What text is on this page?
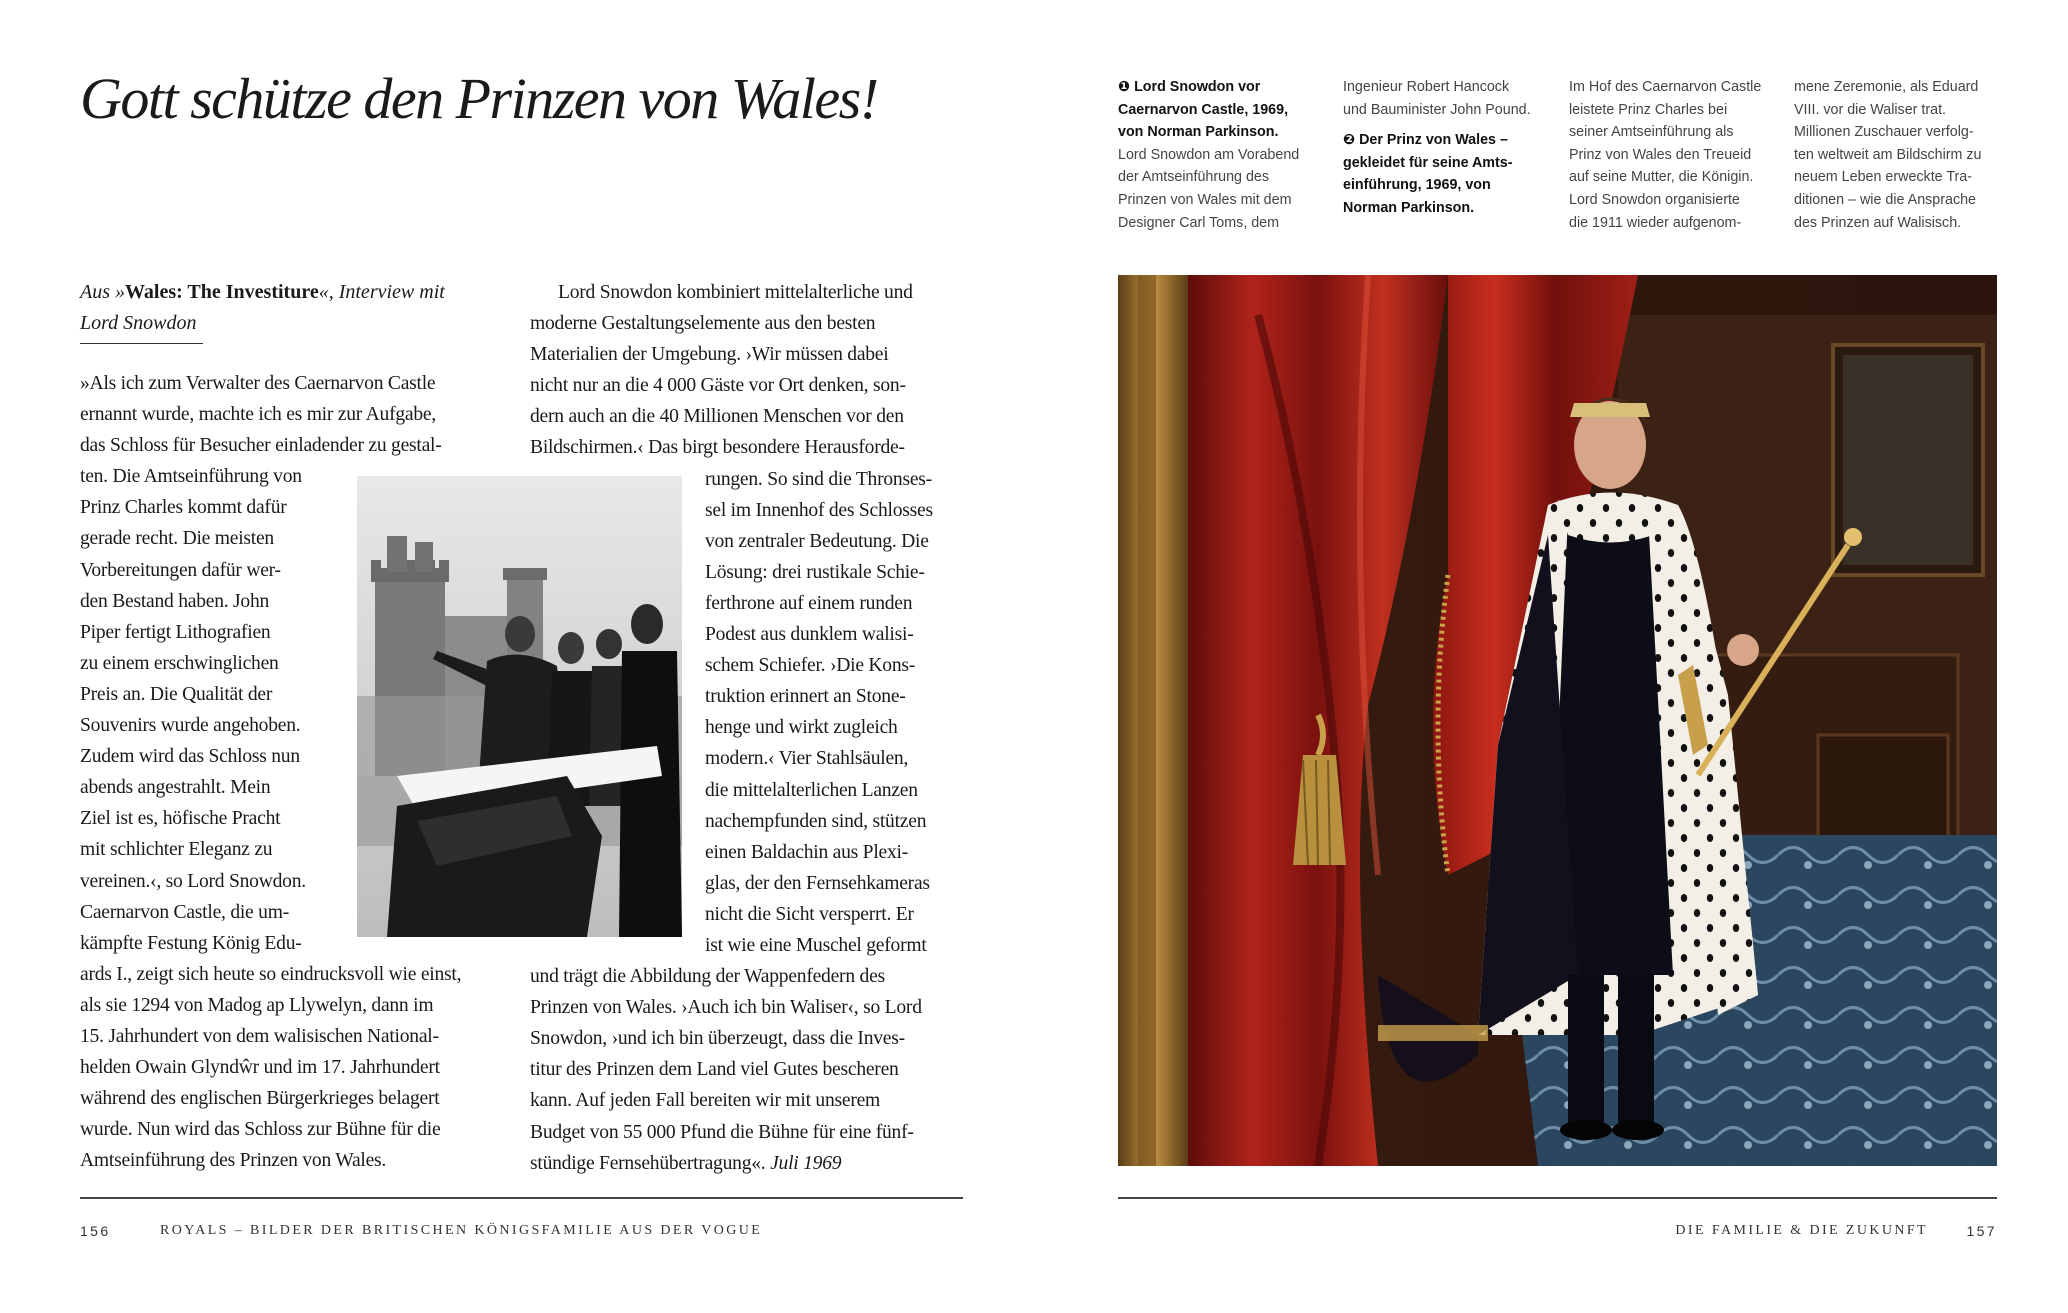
Gott schütze den Prinzen von Wales!
Aus »Wales: The Investiture«, Interview mit
Lord Snowdon
»Als ich zum Verwalter des Caernarvon Castle
ernannt wurde, machte ich es mir zur Aufgabe,
das Schloss für Besucher einladender zu gestal-
ten. Die Amtseinführung von
Prinz Charles kommt dafür
gerade recht. Die meisten
Vorbereitungen dafür wer-
den Bestand haben. John
Piper fertigt Lithografien
zu einem erschwinglichen
Preis an. Die Qualität der
Souvenirs wurde angehoben.
Zudem wird das Schloss nun
abends angestrahlt. Mein
Ziel ist es, höfische Pracht
mit schlichter Eleganz zu
vereinen.‹, so Lord Snowdon.
Caernarvon Castle, die um-
kämpfte Festung König Edu-
ards I., zeigt sich heute so eindrucksvoll wie einst,
als sie 1294 von Madog ap Llywelyn, dann im
15. Jahrhundert von dem walisischen National-
helden Owain Glyndŵr und im 17. Jahrhundert
während des englischen Bürgerkrieges belagert
wurde. Nun wird das Schloss zur Bühne für die
Amtseinführung des Prinzen von Wales.
Lord Snowdon kombiniert mittelalterliche und
moderne Gestaltungselemente aus den besten
Materialien der Umgebung. ›Wir müssen dabei
nicht nur an die 4 000 Gäste vor Ort denken, son-
dern auch an die 40 Millionen Menschen vor den
Bildschirmen.‹ Das birgt besondere Herausforde-
rungen. So sind die Thronses-
sel im Innenhof des Schlosses
von zentraler Bedeutung. Die
Lösung: drei rustikale Schie-
ferthrone auf einem runden
Podest aus dunklem walisi-
schem Schiefer. ›Die Kons-
truktion erinnert an Stone-
henge und wirkt zugleich
modern.‹ Vier Stahlsäulen,
die mittelalterlichen Lanzen
nachempfunden sind, stützen
einen Baldachin aus Plexi-
glas, der den Fernsehkameras
nicht die Sicht versperrt. Er
ist wie eine Muschel geformt
und trägt die Abbildung der Wappenfedern des
Prinzen von Wales. ›Auch ich bin Waliser‹, so Lord
Snowdon, ›und ich bin überzeugt, dass die Inves-
titur des Prinzen dem Land viel Gutes bescheren
kann. Auf jeden Fall bereiten wir mit unserem
Budget von 55 000 Pfund die Bühne für eine fünf-
stündige Fernsehübertragung«. Juli 1969
156	ROYALS – BILDER DER BRITISCHEN KÖNIGSFAMILIE AUS DER VOGUE
❶ Lord Snowdon vor
Caernarvon Castle, 1969,
von Norman Parkinson.
Lord Snowdon am Vorabend
der Amtseinführung des
Prinzen von Wales mit dem
Designer Carl Toms, dem
Ingenieur Robert Hancock
und Bauminister John Pound.
❷ Der Prinz von Wales –
gekleidet für seine Amts-
einführung, 1969, von
Norman Parkinson.
Im Hof des Caernarvon Castle
leistete Prinz Charles bei
seiner Amtseinführung als
Prinz von Wales den Treueid
auf seine Mutter, die Königin.
Lord Snowdon organisierte
die 1911 wieder aufgenom-
mene Zeremonie, als Eduard
VIII. vor die Waliser trat.
Millionen Zuschauer verfolg-
ten weltweit am Bildschirm zu
neuem Leben erweckte Tra-
ditionen – wie die Ansprache
des Prinzen auf Walisisch.
DIE FAMILIE & DIE ZUKUNFT	157
